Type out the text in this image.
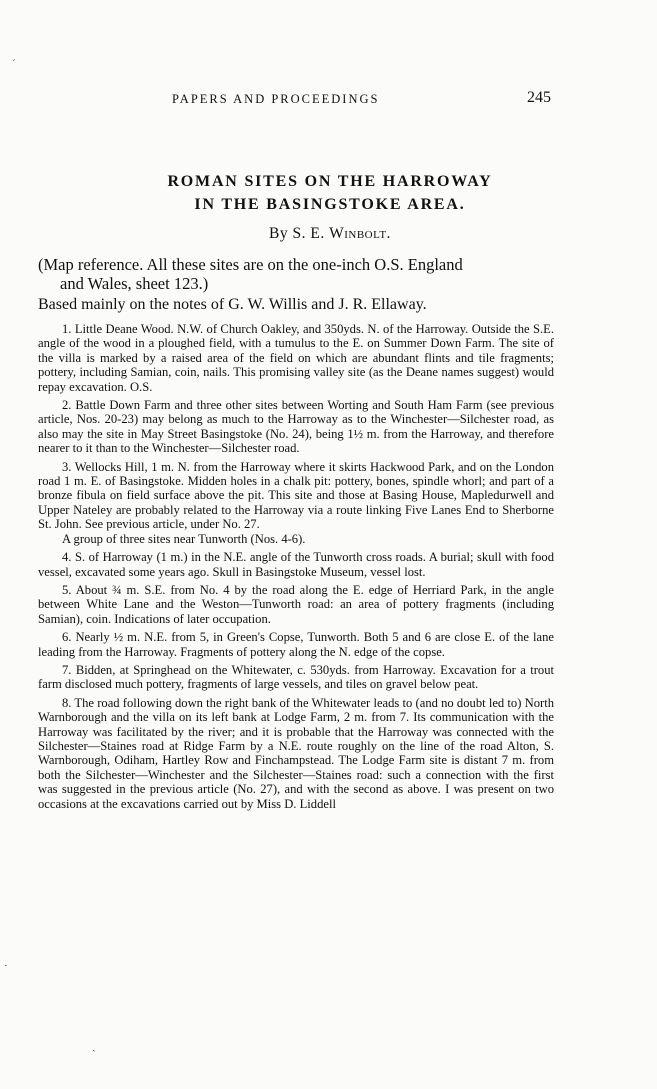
PAPERS AND PROCEEDINGS	245
ROMAN SITES ON THE HARROWAY
IN THE BASINGSTOKE AREA.
By S. E. Winbolt.
(Map reference. All these sites are on the one-inch O.S. England
and Wales, sheet 123.)
Based mainly on the notes of G. W. Willis and J. R. Ellaway.

1. Little Deane Wood. N.W. of Church Oakley, and 350yds. N. of the Harroway. Outside the S.E. angle of the wood in a ploughed field, with a tumulus to the E. on Summer Down Farm. The site of the villa is marked by a raised area of the field on which are abundant flints and tile fragments; pottery, including Samian, coin, nails. This promising valley site (as the Deane names suggest) would repay excavation. O.S.

2. Battle Down Farm and three other sites between Worting and South Ham Farm (see previous article, Nos. 20-23) may belong as much to the Harroway as to the Winchester—Silchester road, as also may the site in May Street Basingstoke (No. 24), being 1½ m. from the Harroway, and therefore nearer to it than to the Winchester—Silchester road.

3. Wellocks Hill, 1 m. N. from the Harroway where it skirts Hackwood Park, and on the London road 1 m. E. of Basingstoke. Midden holes in a chalk pit: pottery, bones, spindle whorl; and part of a bronze fibula on field surface above the pit. This site and those at Basing House, Mapledurwell and Upper Nateley are probably related to the Harroway via a route linking Five Lanes End to Sherborne St. John. See previous article, under No. 27.

A group of three sites near Tunworth (Nos. 4-6).

4. S. of Harroway (1 m.) in the N.E. angle of the Tunworth cross roads. A burial; skull with food vessel, excavated some years ago. Skull in Basingstoke Museum, vessel lost.

5. About ¾ m. S.E. from No. 4 by the road along the E. edge of Herriard Park, in the angle between White Lane and the Weston—Tunworth road: an area of pottery fragments (including Samian), coin. Indications of later occupation.

6. Nearly ½ m. N.E. from 5, in Green's Copse, Tunworth. Both 5 and 6 are close E. of the lane leading from the Harroway. Fragments of pottery along the N. edge of the copse.

7. Bidden, at Springhead on the Whitewater, c. 530yds. from Harroway. Excavation for a trout farm disclosed much pottery, fragments of large vessels, and tiles on gravel below peat.

8. The road following down the right bank of the Whitewater leads to (and no doubt led to) North Warnborough and the villa on its left bank at Lodge Farm, 2 m. from 7. Its communication with the Harroway was facilitated by the river; and it is probable that the Harroway was connected with the Silchester—Staines road at Ridge Farm by a N.E. route roughly on the line of the road Alton, S. Warnborough, Odiham, Hartley Row and Finchampstead. The Lodge Farm site is distant 7 m. from both the Silchester—Winchester and the Silchester—Staines road: such a connection with the first was suggested in the previous article (No. 27), and with the second as above. I was present on two occasions at the excavations carried out by Miss D. Liddell

ˊ
·
ˏ
